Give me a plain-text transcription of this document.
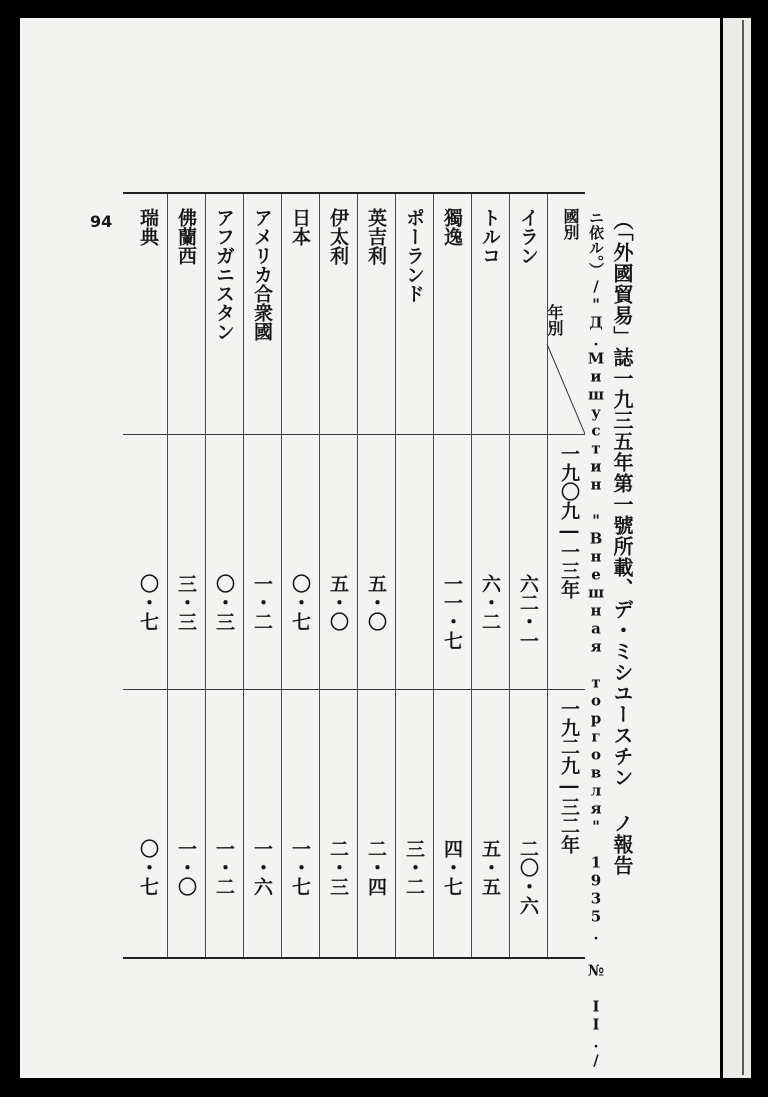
（「外國貿易」誌一九三五年第一號所載、デ・ミシユースチン ノ報告
ニ依ル。）/"Д.Мишустин "Внешная торговля" 1935. № II./
94	國別
年別
一九〇九―一三年
一九二九―三二年
イラン
六二・一
二〇・六
トルコ
六・二
五・五
獨逸
一一・七
四・七
ポーランド
三・二
英吉利
五・〇
二・四
伊太利
五・〇
二・三
日本
〇・七
一・七
アメリカ合衆國
一・二
一・六
アフガニスタン
〇・三
一・二
佛蘭西
三・三
一・〇
瑞典
〇・七
〇・七
